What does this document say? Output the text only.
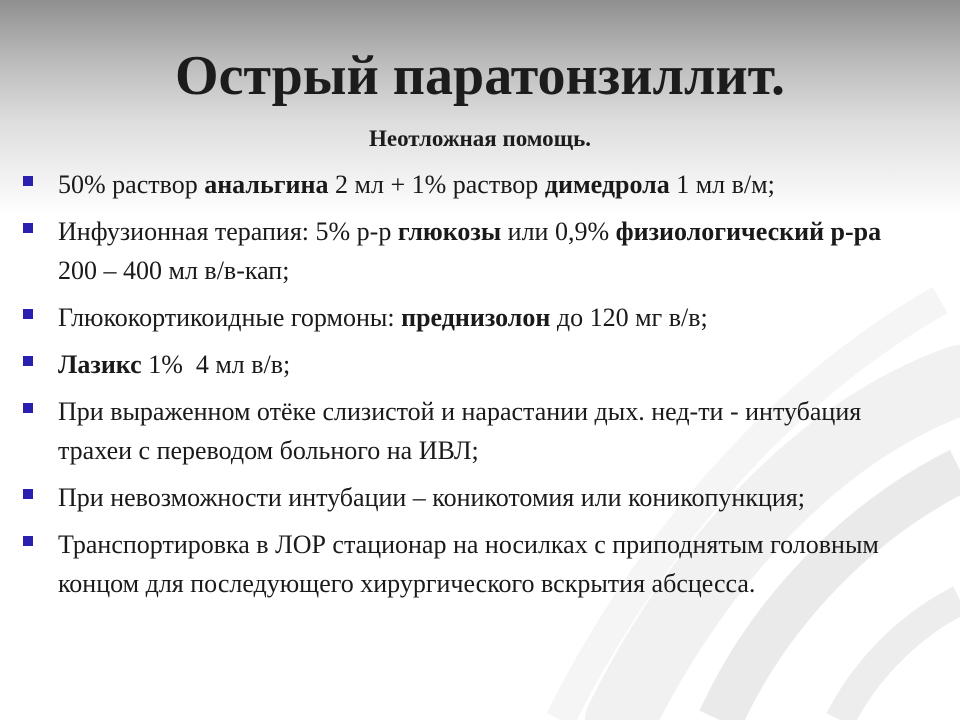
Острый паратонзиллит.
Неотложная помощь.
50% раствор анальгина 2 мл + 1% раствор димедрола 1 мл в/м;
Инфузионная терапия: 5% р-р глюкозы или 0,9% физиологический р-ра 200 – 400 мл в/в-кап;
Глюкокортикоидные гормоны: преднизолон до 120 мг в/в;
Лазикс 1%  4 мл в/в;
При выраженном отёке слизистой и нарастании дых. нед-ти - интубация трахеи с переводом больного на ИВЛ;
При невозможности интубации – коникотомия или коникопункция;
Транспортировка в ЛОР стационар на носилках с приподнятым головным концом для последующего хирургического вскрытия абсцесса.
